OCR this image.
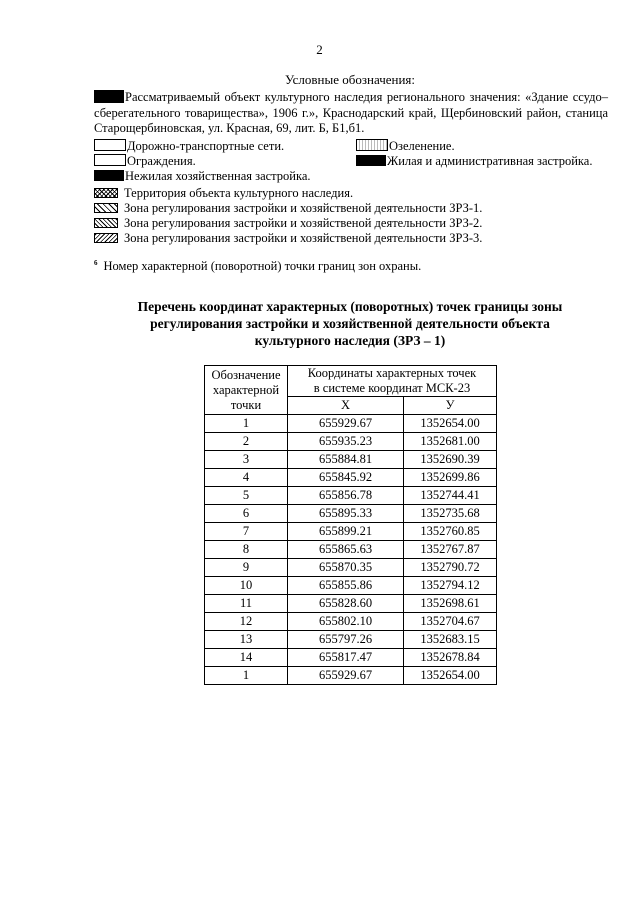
2
Условные обозначения:
Рассматриваемый объект культурного наследия регионального значения: «Здание ссудо–сберегательного товарищества», 1906 г.», Краснодарский край, Щербиновский район, станица Старощербиновская, ул. Красная, 69, лит. Б, Б1,б1.
Дорожно-транспортные сети.	Озеленение.
Ограждения.	Жилая и административная застройка.
Нежилая хозяйственная застройка.
Территория объекта культурного наследия.
Зона регулирования застройки и хозяйственой деятельности ЗРЗ-1.
Зона регулирования застройки и хозяйственой деятельности ЗРЗ-2.
Зона регулирования застройки и хозяйственой деятельности ЗРЗ-3.
$^6$ Номер характерной (поворотной) точки границ зон охраны.
Перечень координат характерных (поворотных) точек границы зоны
регулирования застройки и хозяйственной деятельности объекта
культурного наследия (ЗРЗ – 1)
Обозначение
характерной
точки	Координаты характерных точек	
	в системе координат МСК-23	
	X	У
1	655929.67	1352654.00
2	655935.23	1352681.00
3	655884.81	1352690.39
4	655845.92	1352699.86
5	655856.78	1352744.41
6	655895.33	1352735.68
7	655899.21	1352760.85
8	655865.63	1352767.87
9	655870.35	1352790.72
10	655855.86	1352794.12
11	655828.60	1352698.61
12	655802.10	1352704.67
13	655797.26	1352683.15
14	655817.47	1352678.84
1	655929.67	1352654.00
